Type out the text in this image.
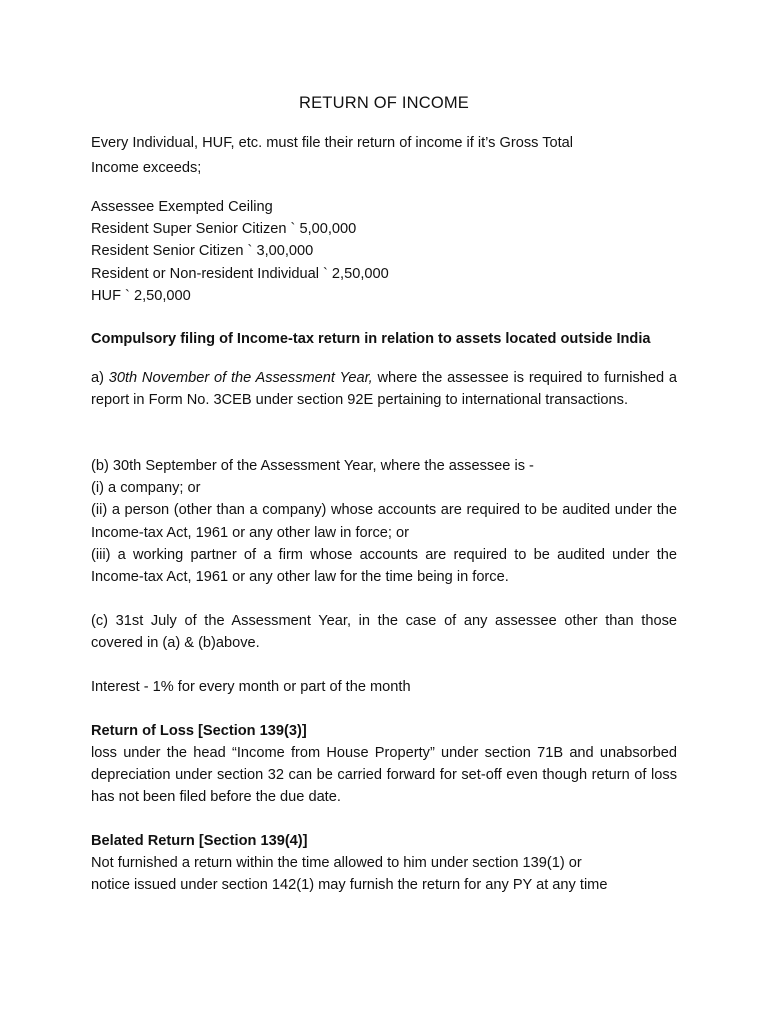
RETURN OF INCOME
Every Individual, HUF, etc. must file their return of income if it’s Gross Total
Income exceeds;
Assessee Exempted Ceiling
Resident Super Senior Citizen ` 5,00,000
Resident Senior Citizen ` 3,00,000
Resident or Non-resident Individual ` 2,50,000
HUF ` 2,50,000
Compulsory filing of Income-tax return in relation to assets located outside India
a) 30th November of the Assessment Year, where the assessee is required to furnished a report in Form No. 3CEB under section 92E pertaining to international transactions.
(b) 30th September of the Assessment Year, where the assessee is -
(i) a company; or
(ii) a person (other than a company) whose accounts are required to be audited under the Income-tax Act, 1961 or any other law in force; or
(iii) a working partner of a firm whose accounts are required to be audited under the Income-tax Act, 1961 or any other law for the time being in force.
(c) 31st July of the Assessment Year, in the case of any assessee other than those covered in (a) & (b)above.
Interest - 1% for every month or part of the month
Return of Loss [Section 139(3)]
loss under the head “Income from House Property” under section 71B and unabsorbed depreciation under section 32 can be carried forward for set-off even though return of loss has not been filed before the due date.
Belated Return [Section 139(4)]
Not furnished a return within the time allowed to him under section 139(1) or
notice issued under section 142(1) may furnish the return for any PY at any time
